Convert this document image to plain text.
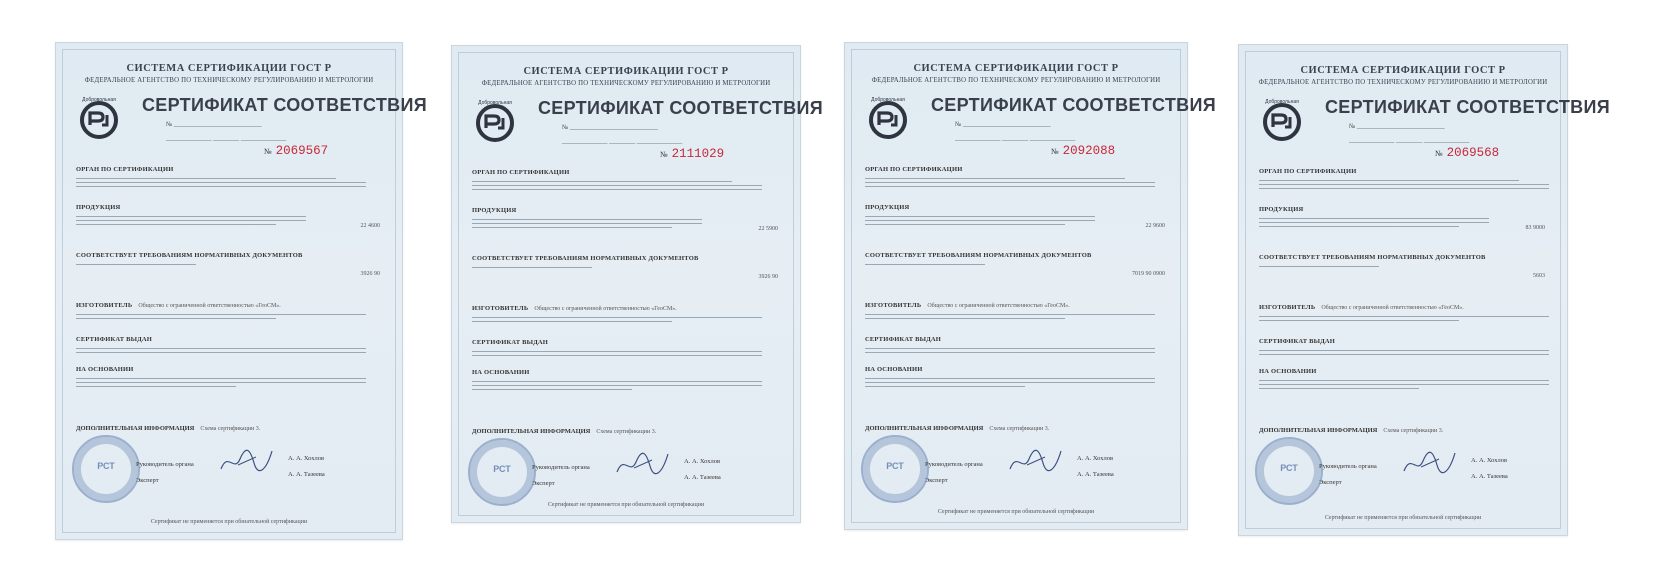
СИСТЕМА СЕРТИФИКАЦИИ ГОСТ Р
ФЕДЕРАЛЬНОЕ АГЕНТСТВО ПО ТЕХНИЧЕСКОМУ РЕГУЛИРОВАНИЮ И МЕТРОЛОГИИ
Добровольная СЕРТИФИКАТ СООТВЕТСТВИЯ
№ ___________________________
______________ ________ ______________
№ 2069567
ОРГАН ПО СЕРТИФИКАЦИИ
ПРОДУКЦИЯ
22 4600
СООТВЕТСТВУЕТ ТРЕБОВАНИЯМ НОРМАТИВНЫХ ДОКУМЕНТОВ
3926 90
ИЗГОТОВИТЕЛЬ Общество с ограниченной ответственностью «ГеоСМ».
СЕРТИФИКАТ ВЫДАН
НА ОСНОВАНИИ
ДОПОЛНИТЕЛЬНАЯ ИНФОРМАЦИЯ Схема сертификации 3.
РСТ	Руководитель органа
А. А. Хохлов
Эксперт
А. А. Тазеева
Сертификат не применяется при обязательной сертификации
СИСТЕМА СЕРТИФИКАЦИИ ГОСТ Р
ФЕДЕРАЛЬНОЕ АГЕНТСТВО ПО ТЕХНИЧЕСКОМУ РЕГУЛИРОВАНИЮ И МЕТРОЛОГИИ
Добровольная СЕРТИФИКАТ СООТВЕТСТВИЯ
№ ___________________________
______________ ________ ______________
№ 2111029
ОРГАН ПО СЕРТИФИКАЦИИ
ПРОДУКЦИЯ
22 5900
СООТВЕТСТВУЕТ ТРЕБОВАНИЯМ НОРМАТИВНЫХ ДОКУМЕНТОВ
3926 90
ИЗГОТОВИТЕЛЬ Общество с ограниченной ответственностью «ГеоСМ».
СЕРТИФИКАТ ВЫДАН
НА ОСНОВАНИИ
ДОПОЛНИТЕЛЬНАЯ ИНФОРМАЦИЯ Схема сертификации 3.
РСТ	Руководитель органа
А. А. Хохлов
Эксперт
А. А. Тазеева
Сертификат не применяется при обязательной сертификации
СИСТЕМА СЕРТИФИКАЦИИ ГОСТ Р
ФЕДЕРАЛЬНОЕ АГЕНТСТВО ПО ТЕХНИЧЕСКОМУ РЕГУЛИРОВАНИЮ И МЕТРОЛОГИИ
Добровольная СЕРТИФИКАТ СООТВЕТСТВИЯ
№ ___________________________
______________ ________ ______________
№ 2092088
ОРГАН ПО СЕРТИФИКАЦИИ
ПРОДУКЦИЯ
22 9600
СООТВЕТСТВУЕТ ТРЕБОВАНИЯМ НОРМАТИВНЫХ ДОКУМЕНТОВ
7019 90 0900
ИЗГОТОВИТЕЛЬ Общество с ограниченной ответственностью «ГеоСМ».
СЕРТИФИКАТ ВЫДАН
НА ОСНОВАНИИ
ДОПОЛНИТЕЛЬНАЯ ИНФОРМАЦИЯ Схема сертификации 3.
РСТ	Руководитель органа
А. А. Хохлов
Эксперт
А. А. Тазеева
Сертификат не применяется при обязательной сертификации
СИСТЕМА СЕРТИФИКАЦИИ ГОСТ Р
ФЕДЕРАЛЬНОЕ АГЕНТСТВО ПО ТЕХНИЧЕСКОМУ РЕГУЛИРОВАНИЮ И МЕТРОЛОГИИ
Добровольная СЕРТИФИКАТ СООТВЕТСТВИЯ
№ ___________________________
______________ ________ ______________
№ 2069568
ОРГАН ПО СЕРТИФИКАЦИИ
ПРОДУКЦИЯ
83 9000
СООТВЕТСТВУЕТ ТРЕБОВАНИЯМ НОРМАТИВНЫХ ДОКУМЕНТОВ
5603
ИЗГОТОВИТЕЛЬ Общество с ограниченной ответственностью «ГеоСМ».
СЕРТИФИКАТ ВЫДАН
НА ОСНОВАНИИ
ДОПОЛНИТЕЛЬНАЯ ИНФОРМАЦИЯ Схема сертификации 3.
РСТ	Руководитель органа
А. А. Хохлов
Эксперт
А. А. Тазеева
Сертификат не применяется при обязательной сертификации
